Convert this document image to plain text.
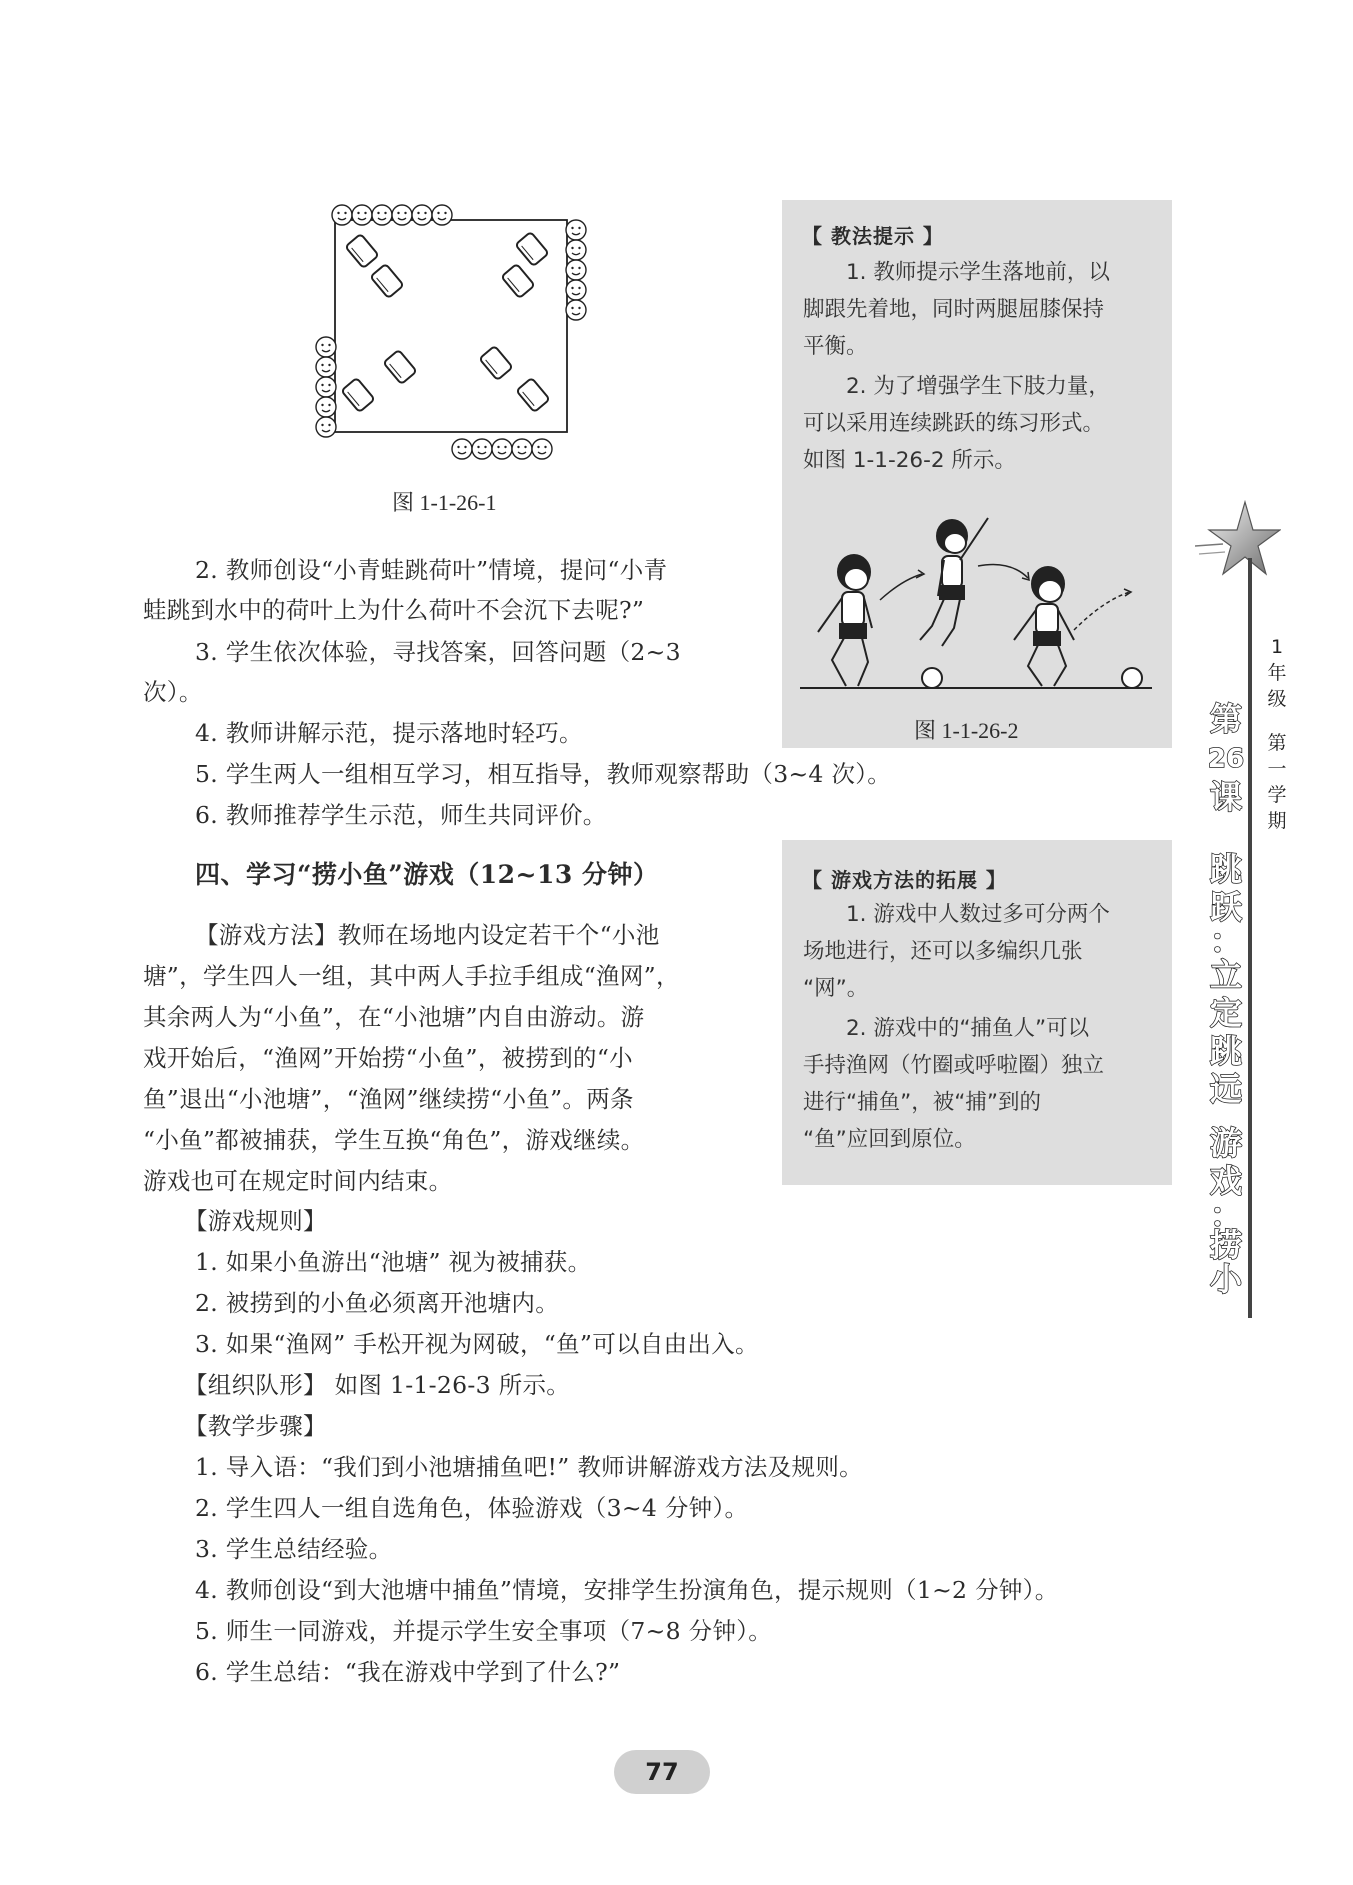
图 1-1-26-1
【 教法提示 】
1. 教师提示学生落地前，以
脚跟先着地，同时两腿屈膝保持
平衡。
2. 为了增强学生下肢力量，
可以采用连续跳跃的练习形式。
如图 1-1-26-2 所示。
图 1-1-26-2
2. 教师创设“小青蛙跳荷叶”情境，提问“小青
蛙跳到水中的荷叶上为什么荷叶不会沉下去呢?”
3. 学生依次体验，寻找答案，回答问题（2~3
次）。
4. 教师讲解示范，提示落地时轻巧。
5. 学生两人一组相互学习，相互指导，教师观察帮助（3~4 次）。
6. 教师推荐学生示范，师生共同评价。
四、学习“捞小鱼”游戏（12~13 分钟）
【游戏方法】教师在场地内设定若干个“小池
塘”，学生四人一组，其中两人手拉手组成“渔网”，
其余两人为“小鱼”，在“小池塘”内自由游动。游
戏开始后，“渔网”开始捞“小鱼”，被捞到的“小
鱼”退出“小池塘”，“渔网”继续捞“小鱼”。两条
“小鱼”都被捕获，学生互换“角色”，游戏继续。
游戏也可在规定时间内结束。
【 游戏方法的拓展 】
1. 游戏中人数过多可分两个
场地进行，还可以多编织几张
“网”。
2. 游戏中的“捕鱼人”可以
手持渔网（竹圈或呼啦圈）独立
进行“捕鱼”，被“捕”到的
“鱼”应回到原位。
【游戏规则】
1. 如果小鱼游出“池塘” 视为被捕获。
2. 被捞到的小鱼必须离开池塘内。
3. 如果“渔网” 手松开视为网破，“鱼”可以自由出入。
【组织队形】 如图 1-1-26-3 所示。
【教学步骤】
1. 导入语：“我们到小池塘捕鱼吧!” 教师讲解游戏方法及规则。
2. 学生四人一组自选角色，体验游戏（3~4 分钟）。
3. 学生总结经验。
4. 教师创设“到大池塘中捕鱼”情境，安排学生扮演角色，提示规则（1~2 分钟）。
5. 师生一同游戏，并提示学生安全事项（7~8 分钟）。
6. 学生总结：“我在游戏中学到了什么?”
1
年
级
第
一
学
期
第
26
课
跳
跃
：
立
定
跳
远
游
戏
：
捞
小
77
